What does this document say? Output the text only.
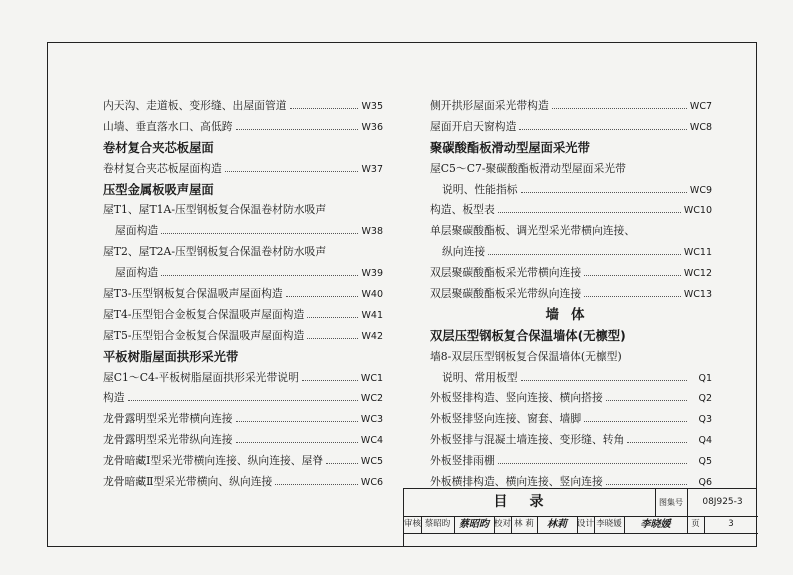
内天沟、走道板、变形缝、出屋面管道	W35
山墙、垂直落水口、高低跨	W36
卷材复合夹芯板屋面
卷材复合夹芯板屋面构造	W37
压型金属板吸声屋面
屋T1、屋T1A-压型钢板复合保温卷材防水吸声
屋面构造	W38
屋T2、屋T2A-压型钢板复合保温卷材防水吸声
屋面构造	W39
屋T3-压型钢板复合保温吸声屋面构造	W40
屋T4-压型铝合金板复合保温吸声屋面构造	W41
屋T5-压型铝合金板复合保温吸声屋面构造	W42
平板树脂屋面拱形采光带
屋C1～C4-平板树脂屋面拱形采光带说明	WC1
构造	WC2
龙骨露明型采光带横向连接	WC3
龙骨露明型采光带纵向连接	WC4
龙骨暗藏Ⅰ型采光带横向连接、纵向连接、屋脊	WC5
龙骨暗藏Ⅱ型采光带横向、纵向连接	WC6
侧开拱形屋面采光带构造	WC7
屋面开启天窗构造	WC8
聚碳酸酯板滑动型屋面采光带
屋C5～C7-聚碳酸酯板滑动型屋面采光带
说明、性能指标	WC9
构造、板型表	WC10
单层聚碳酸酯板、调光型采光带横向连接、
纵向连接	WC11
双层聚碳酸酯板采光带横向连接	WC12
双层聚碳酸酯板采光带纵向连接	WC13
墙体
双层压型钢板复合保温墙体(无檩型)
墙8-双层压型钢板复合保温墙体(无檩型)
说明、常用板型	Q1
外板竖排构造、竖向连接、横向搭接	Q2
外板竖排竖向连接、窗套、墙脚	Q3
外板竖排与混凝土墙连接、变形缝、转角	Q4
外板竖排雨棚	Q5
外板横排构造、横向连接、竖向连接	Q6
目录	图集号	08J925-3
审核 蔡昭昀 蔡昭昀 校对 林 莉	林莉	设计 李晓媛	李晓媛	页	3
